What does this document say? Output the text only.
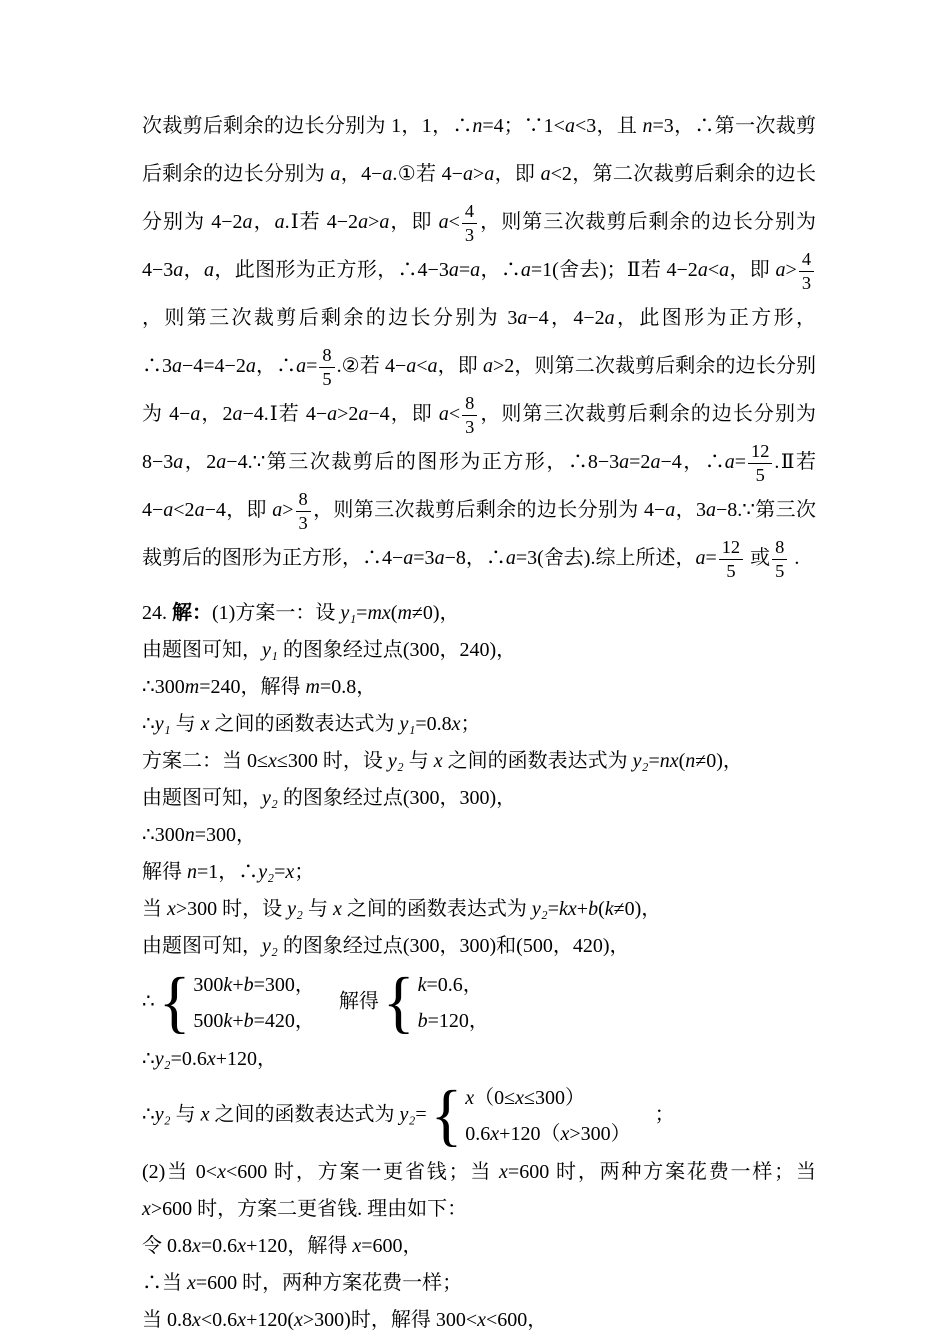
次裁剪后剩余的边长分别为 1，1，∴n=4；∵1<a<3，且 n=3，∴第一次裁剪后剩余的边长分别为 a，4−a.①若 4−a>a，即 a<2，第二次裁剪后剩余的边长分别为 4−2a，a.Ⅰ若 4−2a>a，即 $a< \frac{4}{3}$ ，则第三次裁剪后剩余的边长分别为 4−3a，a，此图形为正方形，∴4−3a=a，∴a=1(舍去)；Ⅱ若 4−2a<a，即 $a> \frac{4}{3}$
，则第三次裁剪后剩余的边长分别为 3a−4，4−2a，此图形为正方形，∴3a−4=4−2a，∴a= $\frac{8}{5}$ .②若 4−a<a，即 a>2，则第二次裁剪后剩余的边长分别为 4−a，2a−4.Ⅰ若 4−a>2a−4，即 $a< \frac{8}{3}$ ，则第三次裁剪后剩余的边长分别为 8−3a，2a−4.∵第三次裁剪后的图形为正方形，∴8−3a=2a−4，∴a= $\frac{12}{5}$ .Ⅱ若 4−a<2a−4，即 $a> \frac{8}{3}$ ，则第三次裁剪后剩余的边长分别为 4−a，3a−8.∵第三次裁剪后的图形为正方形，∴4−a=3a−8，∴a=3(舍去).综上所述，$a= \frac{12}{5}$ 或 $\frac{8}{5}$ .
24. 解：(1)方案一：设 y₁=mx(m≠0)，
由题图可知，y₁ 的图象经过点(300，240)，
∴300m=240，解得 m=0.8，
∴y₁ 与 x 之间的函数表达式为 y₁=0.8x；
方案二：当 0≤x≤300 时，设 y₂ 与 x 之间的函数表达式为 y₂=nx(n≠0)，
由题图可知，y₂ 的图象经过点(300，300)，
∴300n=300，
解得 n=1，∴y₂=x；
当 x>300 时，设 y₂ 与 x 之间的函数表达式为 y₂=kx+b(k≠0)，
由题图可知，y₂ 的图象经过点(300，300)和(500，420)，
∴ { 300k+b=300，
500k+b=420，
　解得 { k=0.6，
b=120，
∴y₂=0.6x+120，
∴y₂ 与 x 之间的函数表达式为 y₂= { x（0≤x≤300）
0.6x+120（x>300）
　；
(2)当 0<x<600 时，方案一更省钱；当 x=600 时，两种方案花费一样；当 x>600 时，方案二更省钱. 理由如下：
令 0.8x=0.6x+120，解得 x=600，
∴当 x=600 时，两种方案花费一样；
当 0.8x<0.6x+120(x>300)时，解得 300<x<600，
